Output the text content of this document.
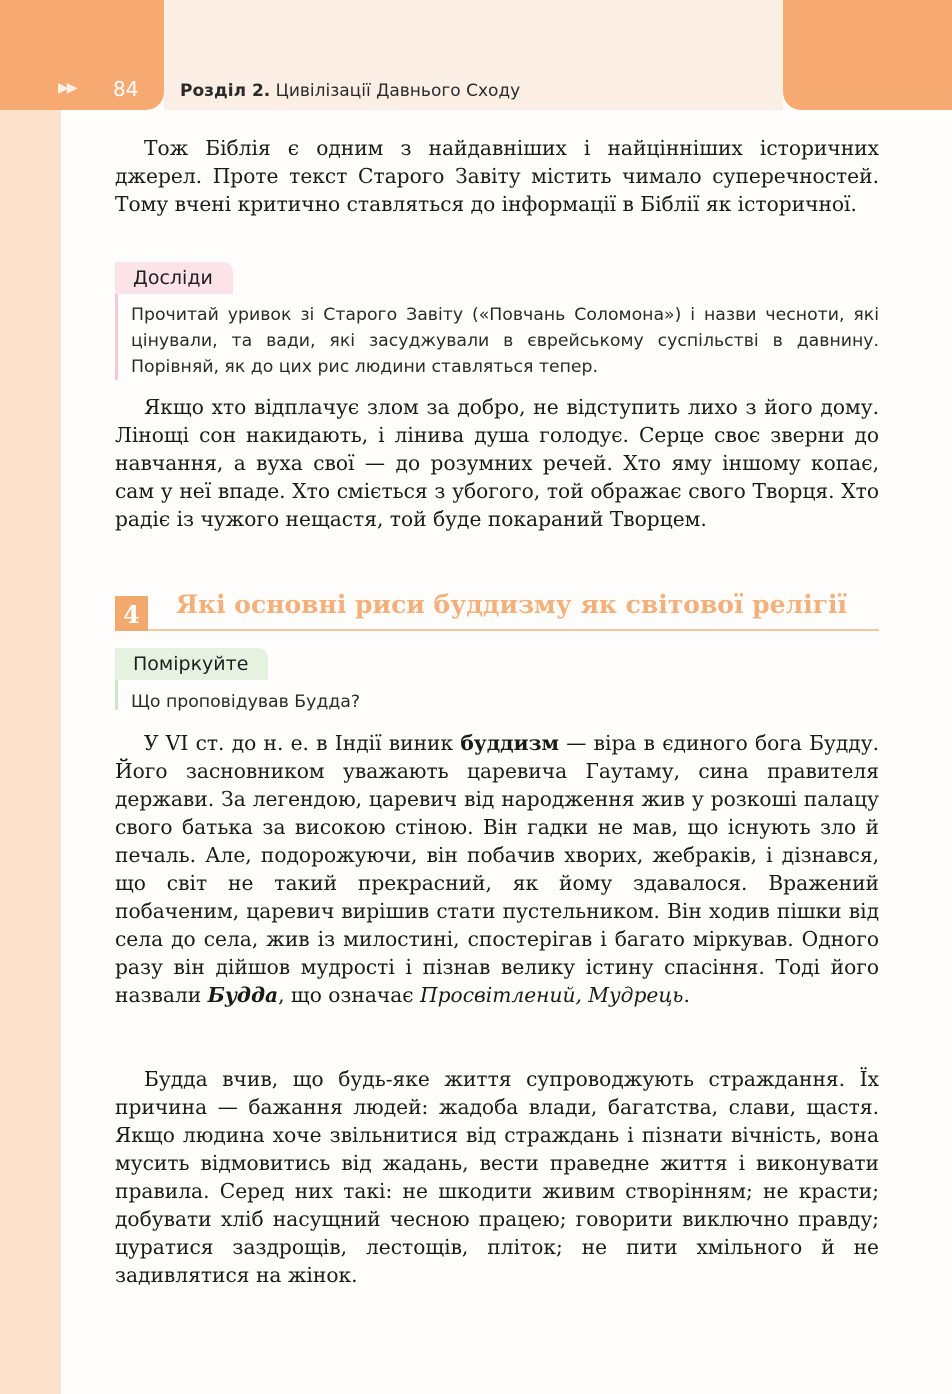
▶▶ 84 Розділ 2. Цивілізації Давнього Сходу

Тож Біблія є одним з найдавніших і найцінніших історичних джерел. Проте текст Старого Завіту містить чимало суперечностей. Тому вчені критично ставляться до інформації в Біблії як історичної.

Досліди

Прочитай уривок зі Старого Завіту («Повчань Соломона») і назви чесноти, які цінували, та вади, які засуджували в єврейському суспільстві в давнину. Порівняй, як до цих рис людини ставляться тепер.

Якщо хто відплачує злом за добро, не відступить лихо з його дому. Лінощі сон накидають, і лінива душа голодує. Серце своє зверни до навчання, а вуха свої — до розумних речей. Хто яму іншому копає, сам у неї впаде. Хто сміється з убогого, той ображає свого Творця. Хто радіє із чужого нещастя, той буде покараний Творцем.

4	Які основні риси буддизму як світової релігії
Поміркуйте

Що проповідував Будда?

У VI ст. до н. е. в Індії виник буддизм — віра в єдиного бога Будду. Його засновником уважають царевича Гаутаму, сина правителя держави. За легендою, царевич від народження жив у розкоші палацу свого батька за високою стіною. Він гадки не мав, що існують зло й печаль. Але, подорожуючи, він побачив хворих, жебраків, і дізнався, що світ не такий прекрасний, як йому здавалося. Вражений побаченим, царевич вирішив стати пустельником. Він ходив пішки від села до села, жив із милостині, спостерігав і багато міркував. Одного разу він дійшов мудрості і пізнав велику істину спасіння. Тоді його назвали Будда, що означає Просвітлений, Мудрець.

Будда вчив, що будь-яке життя супроводжують страждання. Їх причина — бажання людей: жадоба влади, багатства, слави, щастя. Якщо людина хоче звільнитися від страждань і пізнати вічність, вона мусить відмовитись від жадань, вести праведне життя і виконувати правила. Серед них такі: не шкодити живим створінням; не красти; добувати хліб насущний чесною працею; говорити виключно правду; цуратися заздрощів, лестощів, пліток; не пити хмільного й не задивлятися на жінок.
